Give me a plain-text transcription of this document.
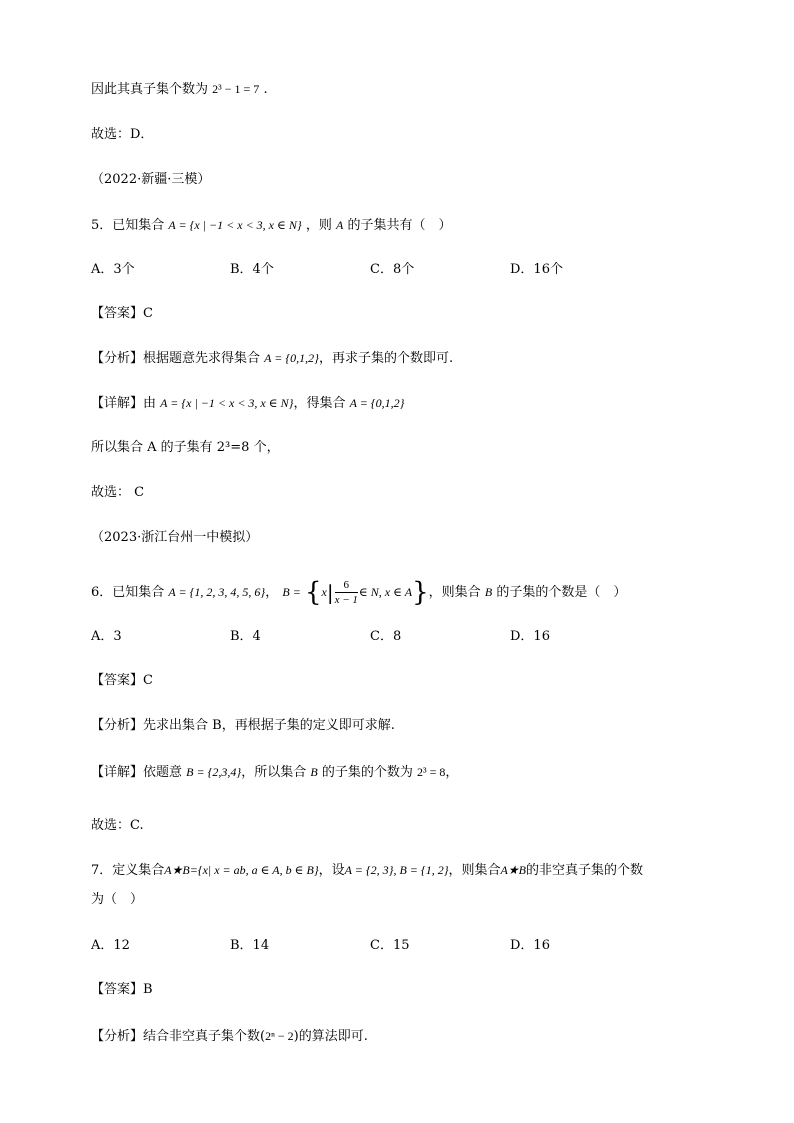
因此其真子集个数为 2³ − 1 = 7 .
故选：D．
（2022·新疆·三模）
5．已知集合 A = {x | −1 < x < 3, x ∈ N} ，则 A 的子集共有（　）
A．3个	B．4个	C．8个	D．16个
【答案】C
【分析】根据题意先求得集合 A = {0,1,2}，再求子集的个数即可.
【详解】由 A = {x | −1 < x < 3, x ∈ N}，得集合 A = {0,1,2}
所以集合 A 的子集有 2³=8 个，
故选： C
（2023·浙江台州一中模拟）
6．已知集合 A = {1, 2, 3, 4, 5, 6}， $B = \{x| \frac{6}{x - 1}$ ∈ N, x ∈ A}，则集合 B 的子集的个数是（　）
A．3	B．4	C．8	D．16
【答案】C
【分析】先求出集合 B，再根据子集的定义即可求解.
【详解】依题意 B = {2,3,4}，所以集合 B 的子集的个数为 2³ = 8，
故选：C.
7．定义集合A★B={x| x = ab, a ∈ A, b ∈ B}，设A = {2, 3}, B = {1, 2}，则集合A★B的非空真子集的个数
为（　）
A．12	B．14	C．15	D．16
【答案】B
【分析】结合非空真子集个数(2ⁿ − 2)的算法即可.
